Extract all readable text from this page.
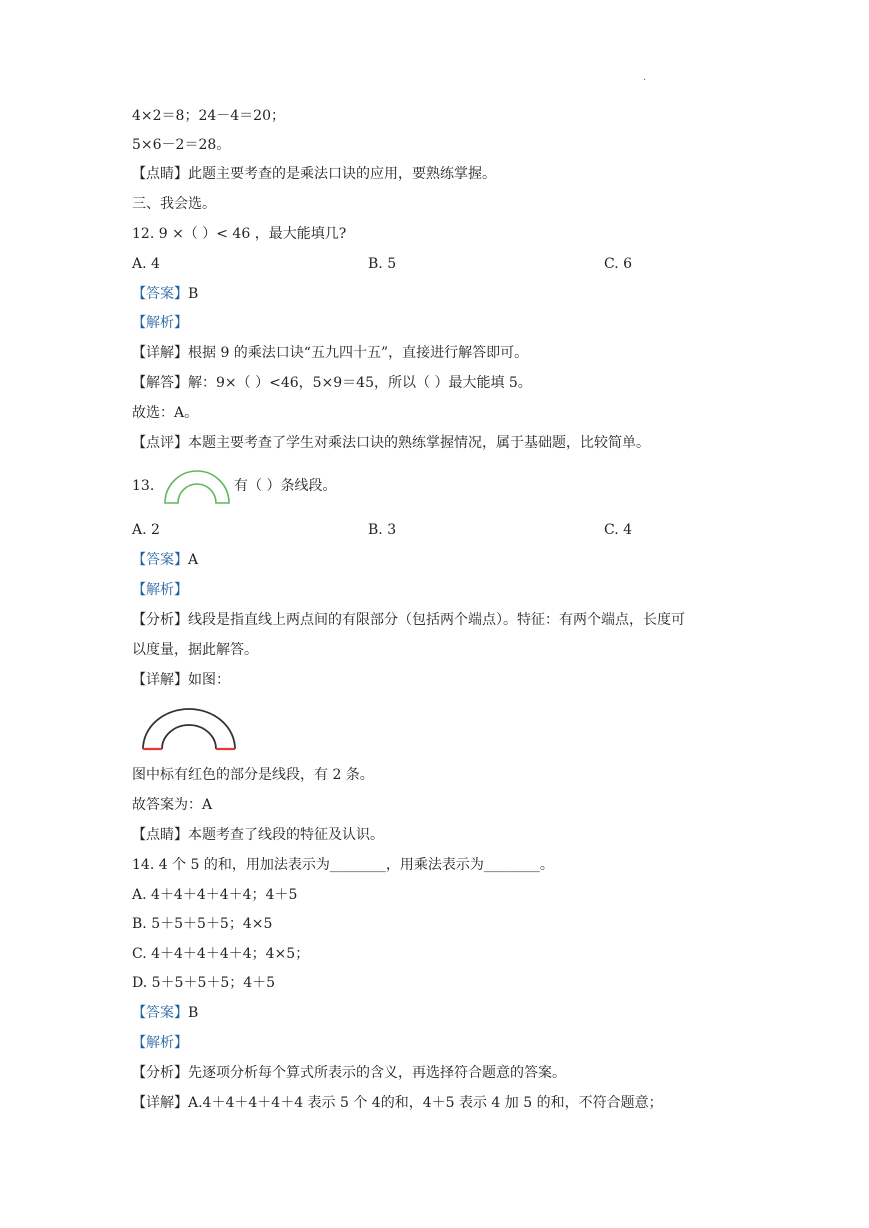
.
4×2＝8；24－4＝20；
5×6－2＝28。
【点睛】此题主要考查的是乘法口诀的应用，要熟练掌握。
三、我会选。
12. 9 ×（ ）< 46 ，最大能填几?
A. 4	B. 5	C. 6
【答案】B
【解析】
【详解】根据 9 的乘法口诀“五九四十五”，直接进行解答即可。
【解答】解：9×（ ）<46，5×9＝45，所以（ ）最大能填 5。
故选：A。
【点评】本题主要考查了学生对乘法口诀的熟练掌握情况，属于基础题，比较简单。
13.	有（ ）条线段。
A. 2	B. 3	C. 4
【答案】A
【解析】
【分析】线段是指直线上两点间的有限部分（包括两个端点）。特征：有两个端点，长度可
以度量，据此解答。
【详解】如图：
图中标有红色的部分是线段，有 2 条。
故答案为：A
【点睛】本题考查了线段的特征及认识。
14. 4 个 5 的和，用加法表示为________，用乘法表示为________。
A. 4＋4＋4＋4＋4；4＋5
B. 5＋5＋5＋5；4×5
C. 4＋4＋4＋4＋4；4×5；
D. 5＋5＋5＋5；4＋5
【答案】B
【解析】
【分析】先逐项分析每个算式所表示的含义，再选择符合题意的答案。
【详解】A.4＋4＋4＋4＋4 表示 5 个 4的和，4＋5 表示 4 加 5 的和，不符合题意；
